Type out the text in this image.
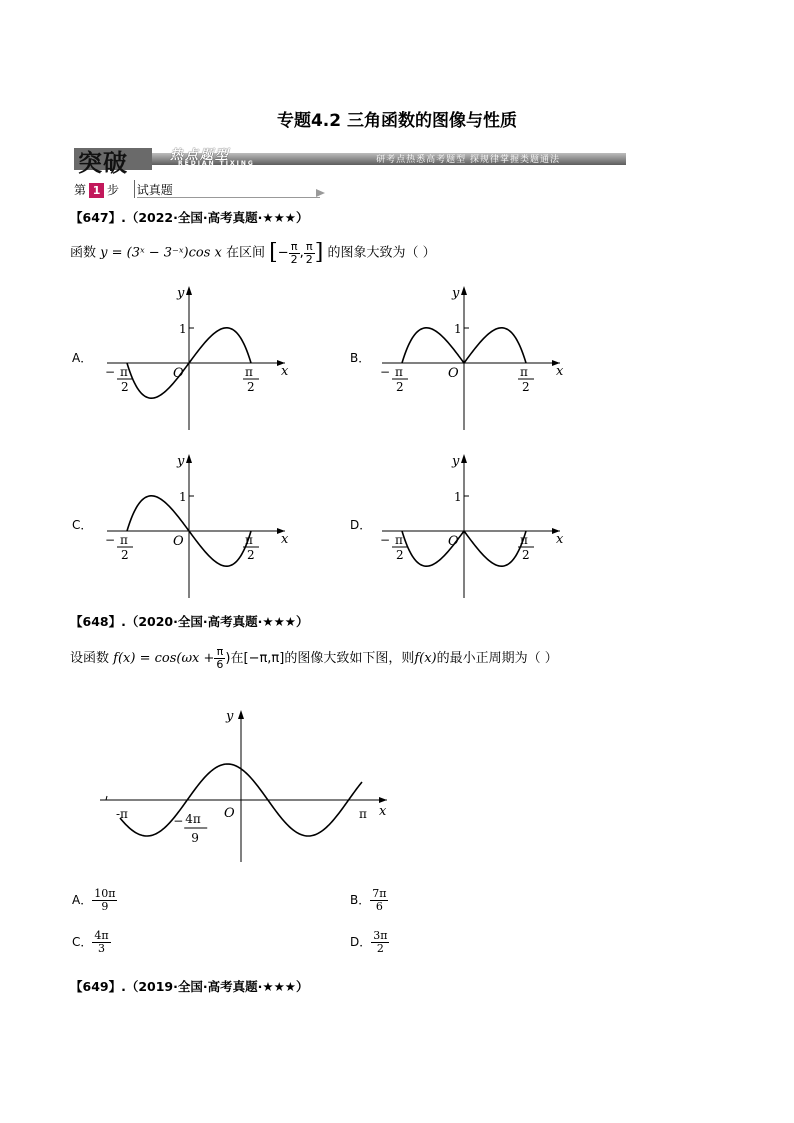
专题4.2 三角函数的图像与性质
突破	热点题型
REDIAN TIXING	研考点热悉高考题型 探规律掌握类题通法
第 1 步 试真题
【647】.（2022·全国·高考真题·★★★）
函数 y = (3ˣ − 3⁻ˣ)cos x 在区间 [− $\frac{\pi}{2}$ , $\frac{\pi}{2}$ ] 的图象大致为（ ）
A．	B．
C．	D．
y
x
O
1
− π
2
π
2
y
x
O
1
− π
2
π
2
y
x
O
1
− π
2
π
2
y
x
O
1
− π
2
π
2
【648】.（2020·全国·高考真题·★★★）
设函数 $f(x) = \cos(\omega x + \frac{\pi}{6}$ )在[−π,π]的图像大致如下图，则f(x)的最小正周期为（ ）
y
x
O
-π	π
− 4π
9
A． $\frac{10\pi}{9}$	B． $\frac{7\pi}{6}$
C． $\frac{4\pi}{3}$	D． $\frac{3\pi}{2}$
【649】.（2019·全国·高考真题·★★★）
